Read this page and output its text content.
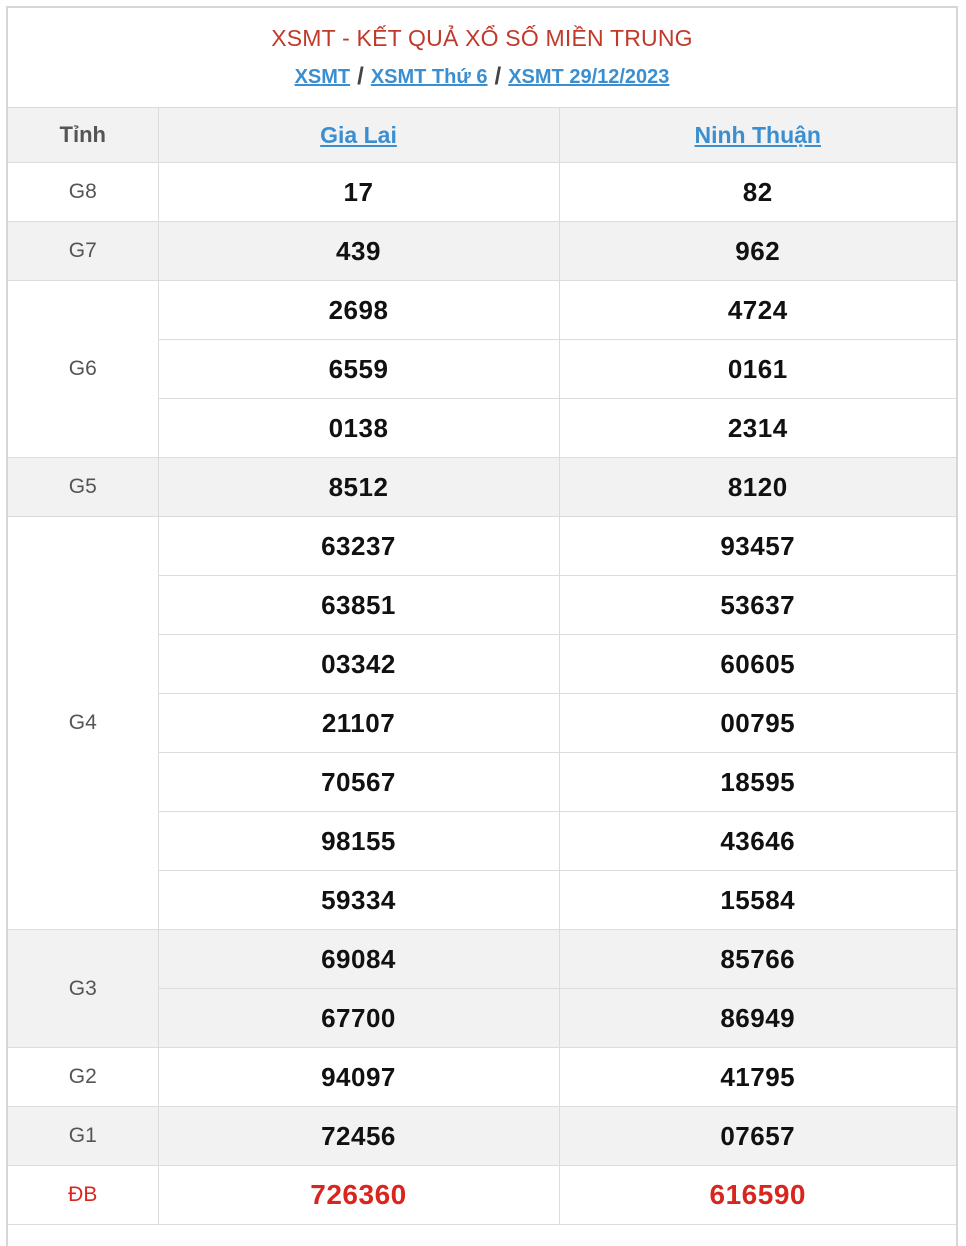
XSMT - KẾT QUẢ XỔ SỐ MIỀN TRUNG
XSMT / XSMT Thứ 6 / XSMT 29/12/2023
Tỉnh	Gia Lai	Ninh Thuận
G8	17	82
G7	439	962
G6	2698	4724
	6559	0161
	0138	2314
G5	8512	8120
G4	63237	93457
	63851	53637
	03342	60605
	21107	00795
	70567	18595
	98155	43646
	59334	15584
G3	69084	85766
	67700	86949
G2	94097	41795
G1	72456	07657
ĐB	726360	616590
